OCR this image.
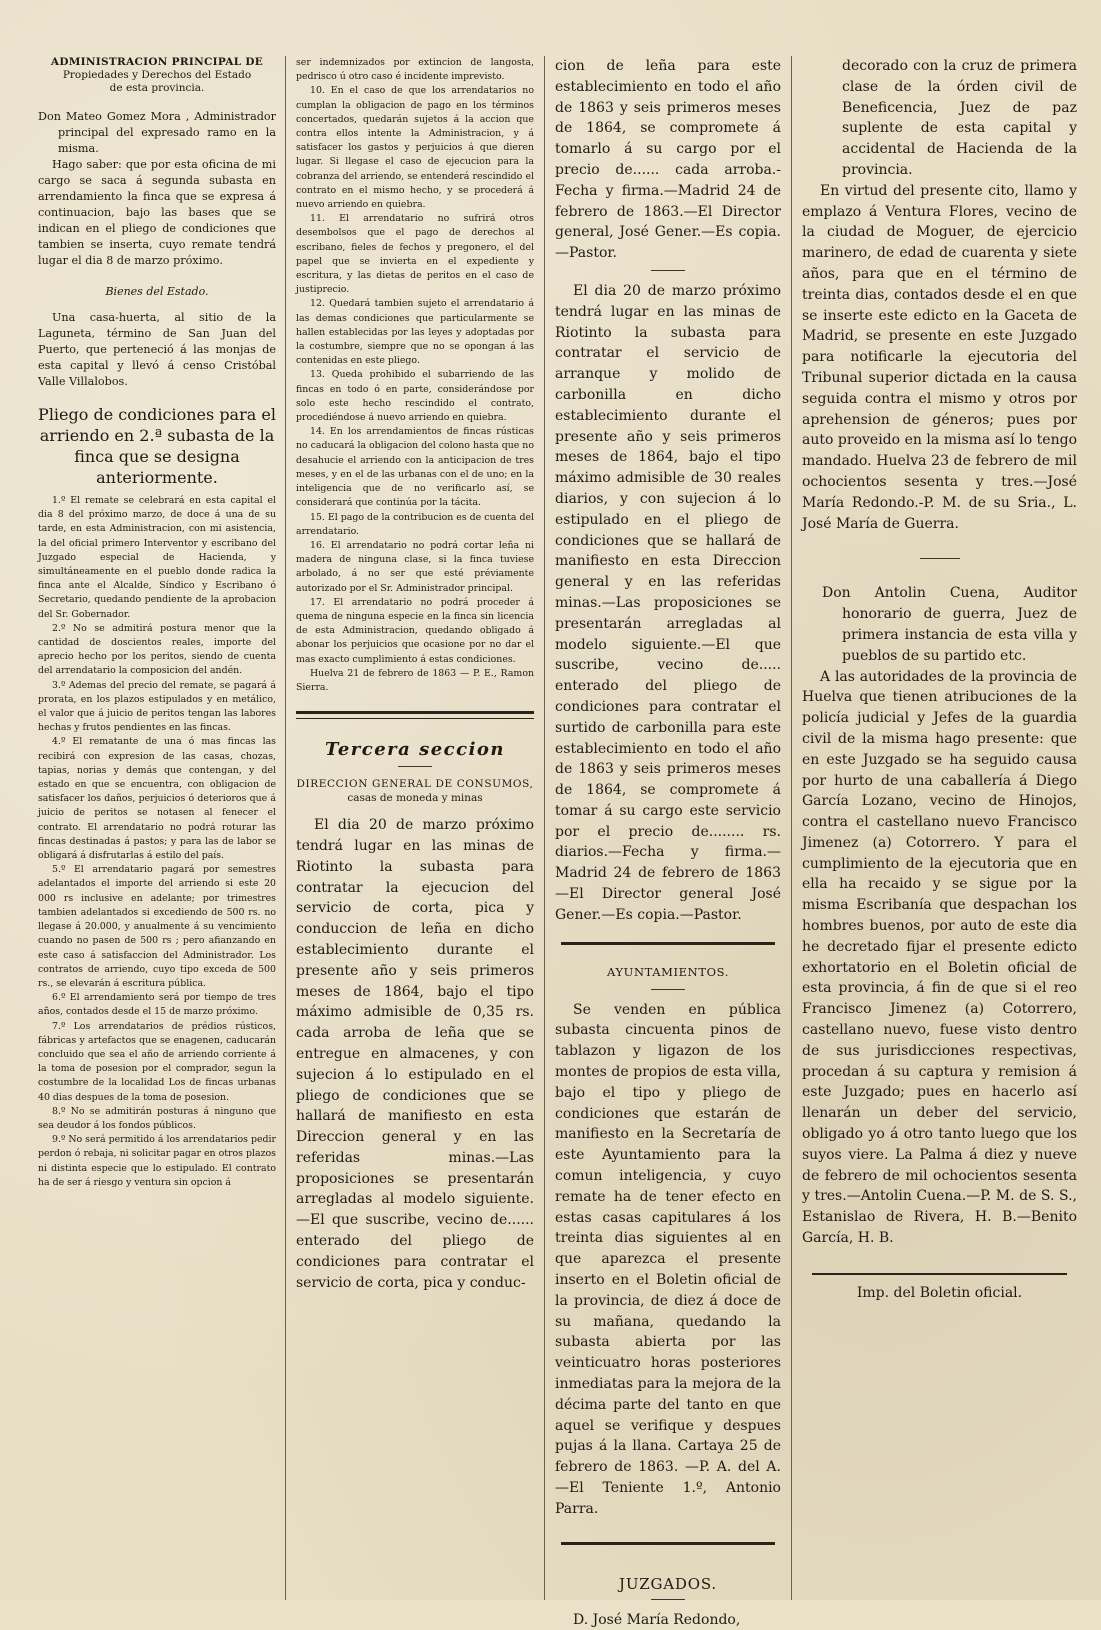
ADMINISTRACION PRINCIPAL DE
Propiedades y Derechos del Estado
de esta provincia.

Don Mateo Gomez Mora , Administrador principal del expresado ramo en la misma.

Hago saber: que por esta oficina de mi cargo se saca á segunda subasta en arrendamiento la finca que se expresa á continuacion, bajo las bases que se indican en el pliego de condiciones que tambien se inserta, cuyo remate tendrá lugar el dia 8 de marzo próximo.

Bienes del Estado.

Una casa-huerta, al sitio de la Laguneta, término de San Juan del Puerto, que perteneció á las monjas de esta capital y llevó á censo Cristóbal Valle Villalobos.

Pliego de condiciones para el arriendo en 2.ª subasta de la finca que se designa anteriormente.

1.º El remate se celebrará en esta capital el dia 8 del próximo marzo, de doce á una de su tarde, en esta Administracion, con mi asistencia, la del oficial primero Interventor y escribano del Juzgado especial de Hacienda, y simultáneamente en el pueblo donde radica la finca ante el Alcalde, Síndico y Escribano ó Secretario, quedando pendiente de la aprobacion del Sr. Gobernador.

2.º No se admitirá postura menor que la cantidad de doscientos reales, importe del aprecio hecho por los peritos, siendo de cuenta del arrendatario la composicion del andén.

3.º Ademas del precio del remate, se pagará á prorata, en los plazos estipulados y en metálico, el valor que á juicio de peritos tengan las labores hechas y frutos pendientes en las fincas.

4.º El rematante de una ó mas fincas las recibirá con expresion de las casas, chozas, tapias, norias y demás que contengan, y del estado en que se encuentra, con obligacion de satisfacer los daños, perjuicios ó deterioros que á juicio de peritos se notasen al fenecer el contrato. El arrendatario no podrá roturar las fincas destinadas á pastos; y para las de labor se obligará á disfrutarlas á estilo del país.

5.º El arrendatario pagará por semestres adelantados el importe del arriendo si este 20 000 rs inclusive en adelante; por trimestres tambien adelantados si excediendo de 500 rs. no llegase á 20.000, y anualmente á su vencimiento cuando no pasen de 500 rs ; pero afianzando en este caso á satisfaccion del Administrador. Los contratos de arriendo, cuyo tipo exceda de 500 rs., se elevarán á escritura pública.

6.º El arrendamiento será por tiempo de tres años, contados desde el 15 de marzo próximo.

7.º Los arrendatarios de prédios rústicos, fábricas y artefactos que se enagenen, caducarán concluido que sea el año de arriendo corriente á la toma de posesion por el comprador, segun la costumbre de la localidad Los de fincas urbanas 40 dias despues de la toma de posesion.

8.º No se admitirán posturas á ninguno que sea deudor á los fondos públicos.

9.º No será permitido á los arrendatarios pedir perdon ó rebaja, ni solicitar pagar en otros plazos ni distinta especie que lo estipulado. El contrato ha de ser á riesgo y ventura sin opcion á

ser indemnizados por extincion de langosta, pedrisco ú otro caso é incidente imprevisto.

10. En el caso de que los arrendatarios no cumplan la obligacion de pago en los términos concertados, quedarán sujetos á la accion que contra ellos intente la Administracion, y á satisfacer los gastos y perjuicios á que dieren lugar. Si llegase el caso de ejecucion para la cobranza del arriendo, se entenderá rescindido el contrato en el mismo hecho, y se procederá á nuevo arriendo en quiebra.

11. El arrendatario no sufrirá otros desembolsos que el pago de derechos al escribano, fieles de fechos y pregonero, el del papel que se invierta en el expediente y escritura, y las dietas de peritos en el caso de justiprecio.

12. Quedará tambien sujeto el arrendatario á las demas condiciones que particularmente se hallen establecidas por las leyes y adoptadas por la costumbre, siempre que no se opongan á las contenidas en este pliego.

13. Queda prohibido el subarriendo de las fincas en todo ó en parte, considerándose por solo este hecho rescindido el contrato, procediéndose á nuevo arriendo en quiebra.

14. En los arrendamientos de fincas rústicas no caducará la obligacion del colono hasta que no desahucie el arriendo con la anticipacion de tres meses, y en el de las urbanas con el de uno; en la inteligencia que de no verificarlo así, se considerará que continúa por la tácita.

15. El pago de la contribucion es de cuenta del arrendatario.

16. El arrendatario no podrá cortar leña ni madera de ninguna clase, si la finca tuviese arbolado, á no ser que esté préviamente autorizado por el Sr. Administrador principal.

17. El arrendatario no podrá proceder á quema de ninguna especie en la finca sin licencia de esta Administracion, quedando obligado á abonar los perjuicios que ocasione por no dar el mas exacto cumplimiento á estas condiciones.

Huelva 21 de febrero de 1863 — P. E., Ramon Sierra.

Tercera seccion
DIRECCION GENERAL DE CONSUMOS,
casas de moneda y minas

El dia 20 de marzo próximo tendrá lugar en las minas de Riotinto la subasta para contratar la ejecucion del servicio de corta, pica y conduccion de leña en dicho establecimiento durante el presente año y seis primeros meses de 1864, bajo el tipo máximo admisible de 0,35 rs. cada arroba de leña que se entregue en almacenes, y con sujecion á lo estipulado en el pliego de condiciones que se hallará de manifiesto en esta Direccion general y en las referidas minas.—Las proposiciones se presentarán arregladas al modelo siguiente.—El que suscribe, vecino de...... enterado del pliego de condiciones para contratar el servicio de corta, pica y conduc-

cion de leña para este establecimiento en todo el año de 1863 y seis primeros meses de 1864, se compromete á tomarlo á su cargo por el precio de...... cada arroba.-Fecha y firma.—Madrid 24 de febrero de 1863.—El Director general, José Gener.—Es copia.—Pastor.

El dia 20 de marzo próximo tendrá lugar en las minas de Riotinto la subasta para contratar el servicio de arranque y molido de carbonilla en dicho establecimiento durante el presente año y seis primeros meses de 1864, bajo el tipo máximo admisible de 30 reales diarios, y con sujecion á lo estipulado en el pliego de condiciones que se hallará de manifiesto en esta Direccion general y en las referidas minas.—Las proposiciones se presentarán arregladas al modelo siguiente.—El que suscribe, vecino de..... enterado del pliego de condiciones para contratar el surtido de carbonilla para este establecimiento en todo el año de 1863 y seis primeros meses de 1864, se compromete á tomar á su cargo este servicio por el precio de........ rs. diarios.—Fecha y firma.—Madrid 24 de febrero de 1863 —El Director general José Gener.—Es copia.—Pastor.

AYUNTAMIENTOS.

Se venden en pública subasta cincuenta pinos de tablazon y ligazon de los montes de propios de esta villa, bajo el tipo y pliego de condiciones que estarán de manifiesto en la Secretaría de este Ayuntamiento para la comun inteligencia, y cuyo remate ha de tener efecto en estas casas capitulares á los treinta dias siguientes al en que aparezca el presente inserto en el Boletin oficial de la provincia, de diez á doce de su mañana, quedando la subasta abierta por las veinticuatro horas posteriores inmediatas para la mejora de la décima parte del tanto en que aquel se verifique y despues pujas á la llana. Cartaya 25 de febrero de 1863. —P. A. del A.—El Teniente 1.º, Antonio Parra.

JUZGADOS.

D. José María Redondo,

decorado con la cruz de primera clase de la órden civil de Beneficencia, Juez de paz suplente de esta capital y accidental de Hacienda de la provincia.

En virtud del presente cito, llamo y emplazo á Ventura Flores, vecino de la ciudad de Moguer, de ejercicio marinero, de edad de cuarenta y siete años, para que en el término de treinta dias, contados desde el en que se inserte este edicto en la Gaceta de Madrid, se presente en este Juzgado para notificarle la ejecutoria del Tribunal superior dictada en la causa seguida contra el mismo y otros por aprehension de géneros; pues por auto proveido en la misma así lo tengo mandado. Huelva 23 de febrero de mil ochocientos sesenta y tres.—José María Redondo.-P. M. de su Sria., L. José María de Guerra.

Don Antolin Cuena, Auditor honorario de guerra, Juez de primera instancia de esta villa y pueblos de su partido etc.

A las autoridades de la provincia de Huelva que tienen atribuciones de la policía judicial y Jefes de la guardia civil de la misma hago presente: que en este Juzgado se ha seguido causa por hurto de una caballería á Diego García Lozano, vecino de Hinojos, contra el castellano nuevo Francisco Jimenez (a) Cotorrero. Y para el cumplimiento de la ejecutoria que en ella ha recaido y se sigue por la misma Escribanía que despachan los hombres buenos, por auto de este dia he decretado fijar el presente edicto exhortatorio en el Boletin oficial de esta provincia, á fin de que si el reo Francisco Jimenez (a) Cotorrero, castellano nuevo, fuese visto dentro de sus jurisdicciones respectivas, procedan á su captura y remision á este Juzgado; pues en hacerlo así llenarán un deber del servicio, obligado yo á otro tanto luego que los suyos viere. La Palma á diez y nueve de febrero de mil ochocientos sesenta y tres.—Antolin Cuena.—P. M. de S. S., Estanislao de Rivera, H. B.—Benito García, H. B.

Imp. del Boletin oficial.
